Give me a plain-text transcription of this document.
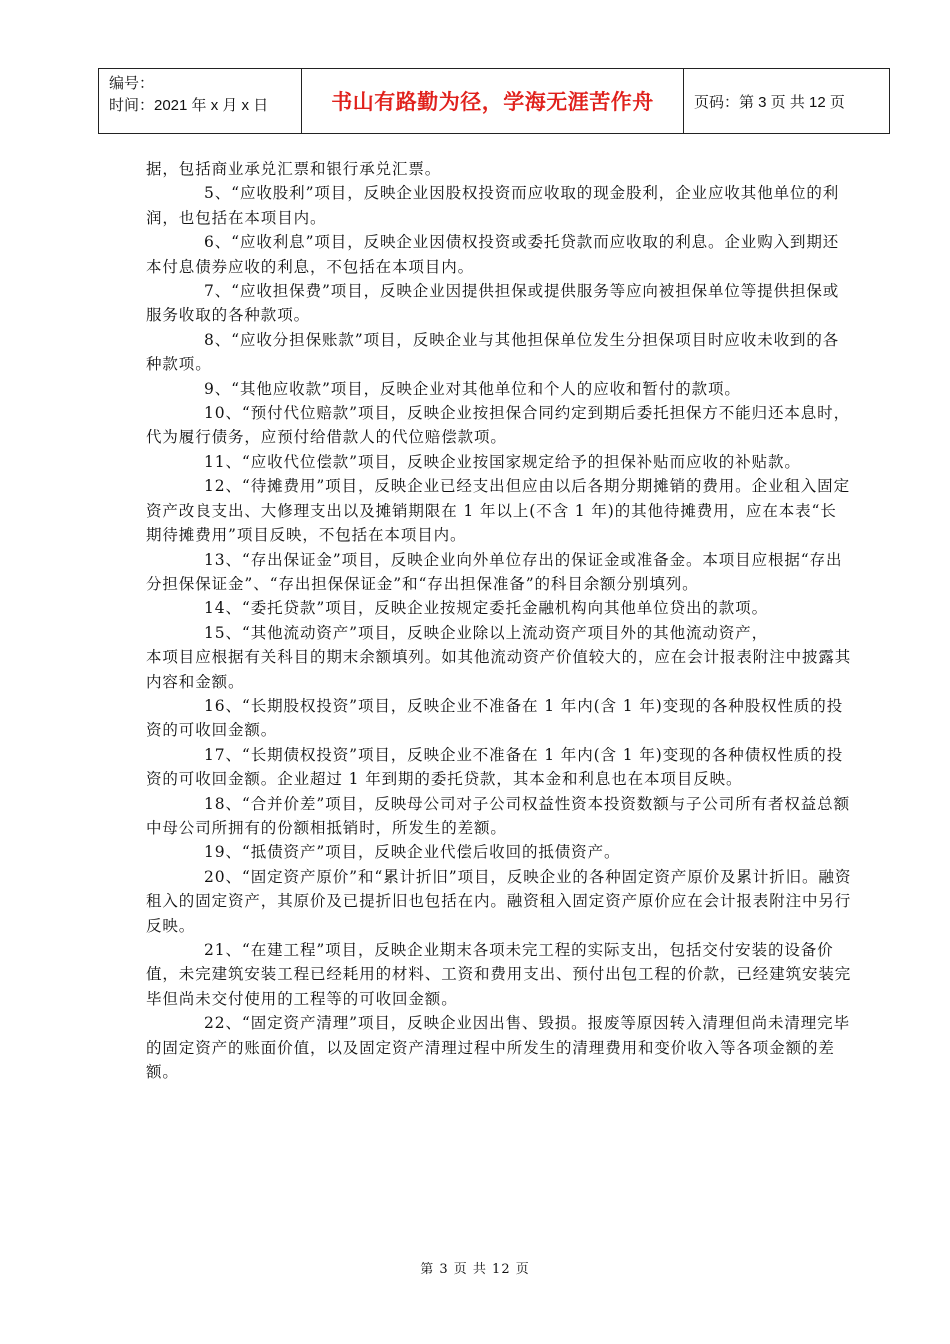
编号：
时间：2021 年 x 月 x 日	书山有路勤为径，学海无涯苦作舟	页码：第 3 页 共 12 页

据，包括商业承兑汇票和银行承兑汇票。

5、“应收股利”项目，反映企业因股权投资而应收取的现金股利，企业应收其他单位的利润，也包括在本项目内。

6、“应收利息”项目，反映企业因债权投资或委托贷款而应收取的利息。企业购入到期还本付息债券应收的利息，不包括在本项目内。

7、“应收担保费”项目，反映企业因提供担保或提供服务等应向被担保单位等提供担保或服务收取的各种款项。

8、“应收分担保账款”项目，反映企业与其他担保单位发生分担保项目时应收未收到的各种款项。

9、“其他应收款”项目，反映企业对其他单位和个人的应收和暂付的款项。

10、“预付代位赔款”项目，反映企业按担保合同约定到期后委托担保方不能归还本息时，代为履行债务，应预付给借款人的代位赔偿款项。

11、“应收代位偿款”项目，反映企业按国家规定给予的担保补贴而应收的补贴款。

12、“待摊费用”项目，反映企业已经支出但应由以后各期分期摊销的费用。企业租入固定资产改良支出、大修理支出以及摊销期限在 1 年以上(不含 1 年)的其他待摊费用，应在本表“长期待摊费用”项目反映，不包括在本项目内。

13、“存出保证金”项目，反映企业向外单位存出的保证金或准备金。本项目应根据“存出分担保保证金”、“存出担保保证金”和“存出担保准备”的科目余额分别填列。

14、“委托贷款”项目，反映企业按规定委托金融机构向其他单位贷出的款项。

15、“其他流动资产”项目，反映企业除以上流动资产项目外的其他流动资产，

本项目应根据有关科目的期末余额填列。如其他流动资产价值较大的，应在会计报表附注中披露其内容和金额。

16、“长期股权投资”项目，反映企业不准备在 1 年内(含 1 年)变现的各种股权性质的投资的可收回金额。

17、“长期债权投资”项目，反映企业不准备在 1 年内(含 1 年)变现的各种债权性质的投资的可收回金额。企业超过 1 年到期的委托贷款，其本金和利息也在本项目反映。

18、“合并价差”项目，反映母公司对子公司权益性资本投资数额与子公司所有者权益总额中母公司所拥有的份额相抵销时，所发生的差额。

19、“抵债资产”项目，反映企业代偿后收回的抵债资产。

20、“固定资产原价”和“累计折旧”项目，反映企业的各种固定资产原价及累计折旧。融资租入的固定资产，其原价及已提折旧也包括在内。融资租入固定资产原价应在会计报表附注中另行反映。

21、“在建工程”项目，反映企业期末各项未完工程的实际支出，包括交付安装的设备价值，未完建筑安装工程已经耗用的材料、工资和费用支出、预付出包工程的价款，已经建筑安装完毕但尚未交付使用的工程等的可收回金额。

22、“固定资产清理”项目，反映企业因出售、毁损。报废等原因转入清理但尚未清理完毕的固定资产的账面价值，以及固定资产清理过程中所发生的清理费用和变价收入等各项金额的差额。

第 3 页 共 12 页
